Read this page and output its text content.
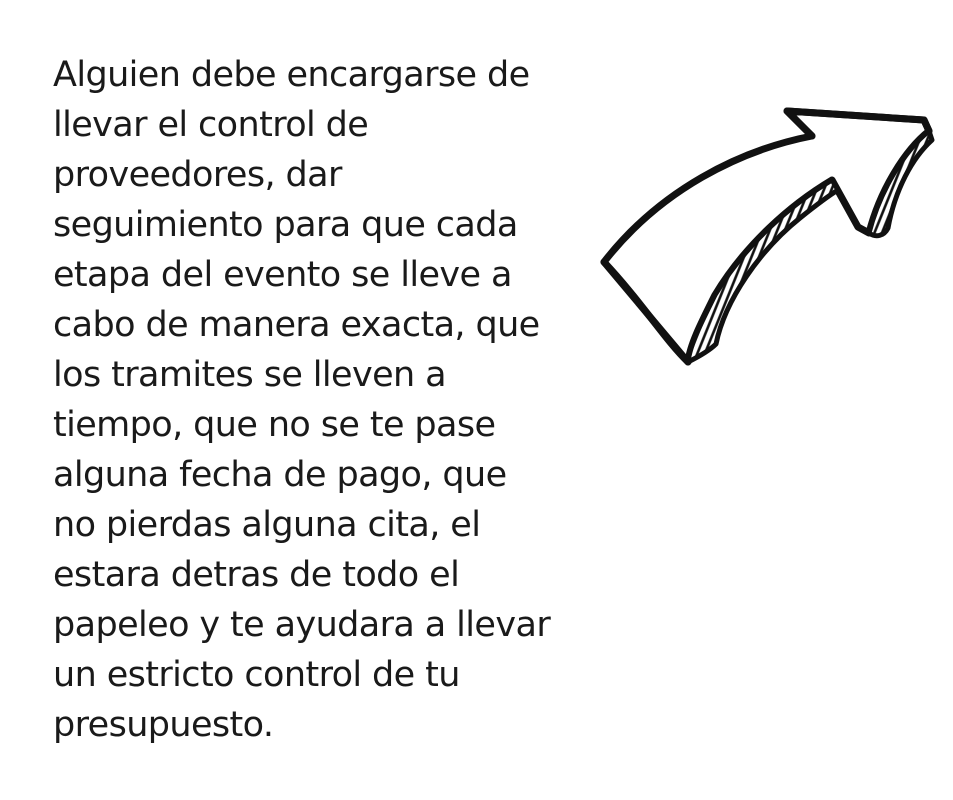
Alguien debe encargarse de
llevar el control de
proveedores, dar
seguimiento para que cada
etapa del evento se lleve a
cabo de manera exacta, que
los tramites se lleven a
tiempo, que no se te pase
alguna fecha de pago, que
no pierdas alguna cita, el
estara detras de todo el
papeleo y te ayudara a llevar
un estricto control de tu
presupuesto.
